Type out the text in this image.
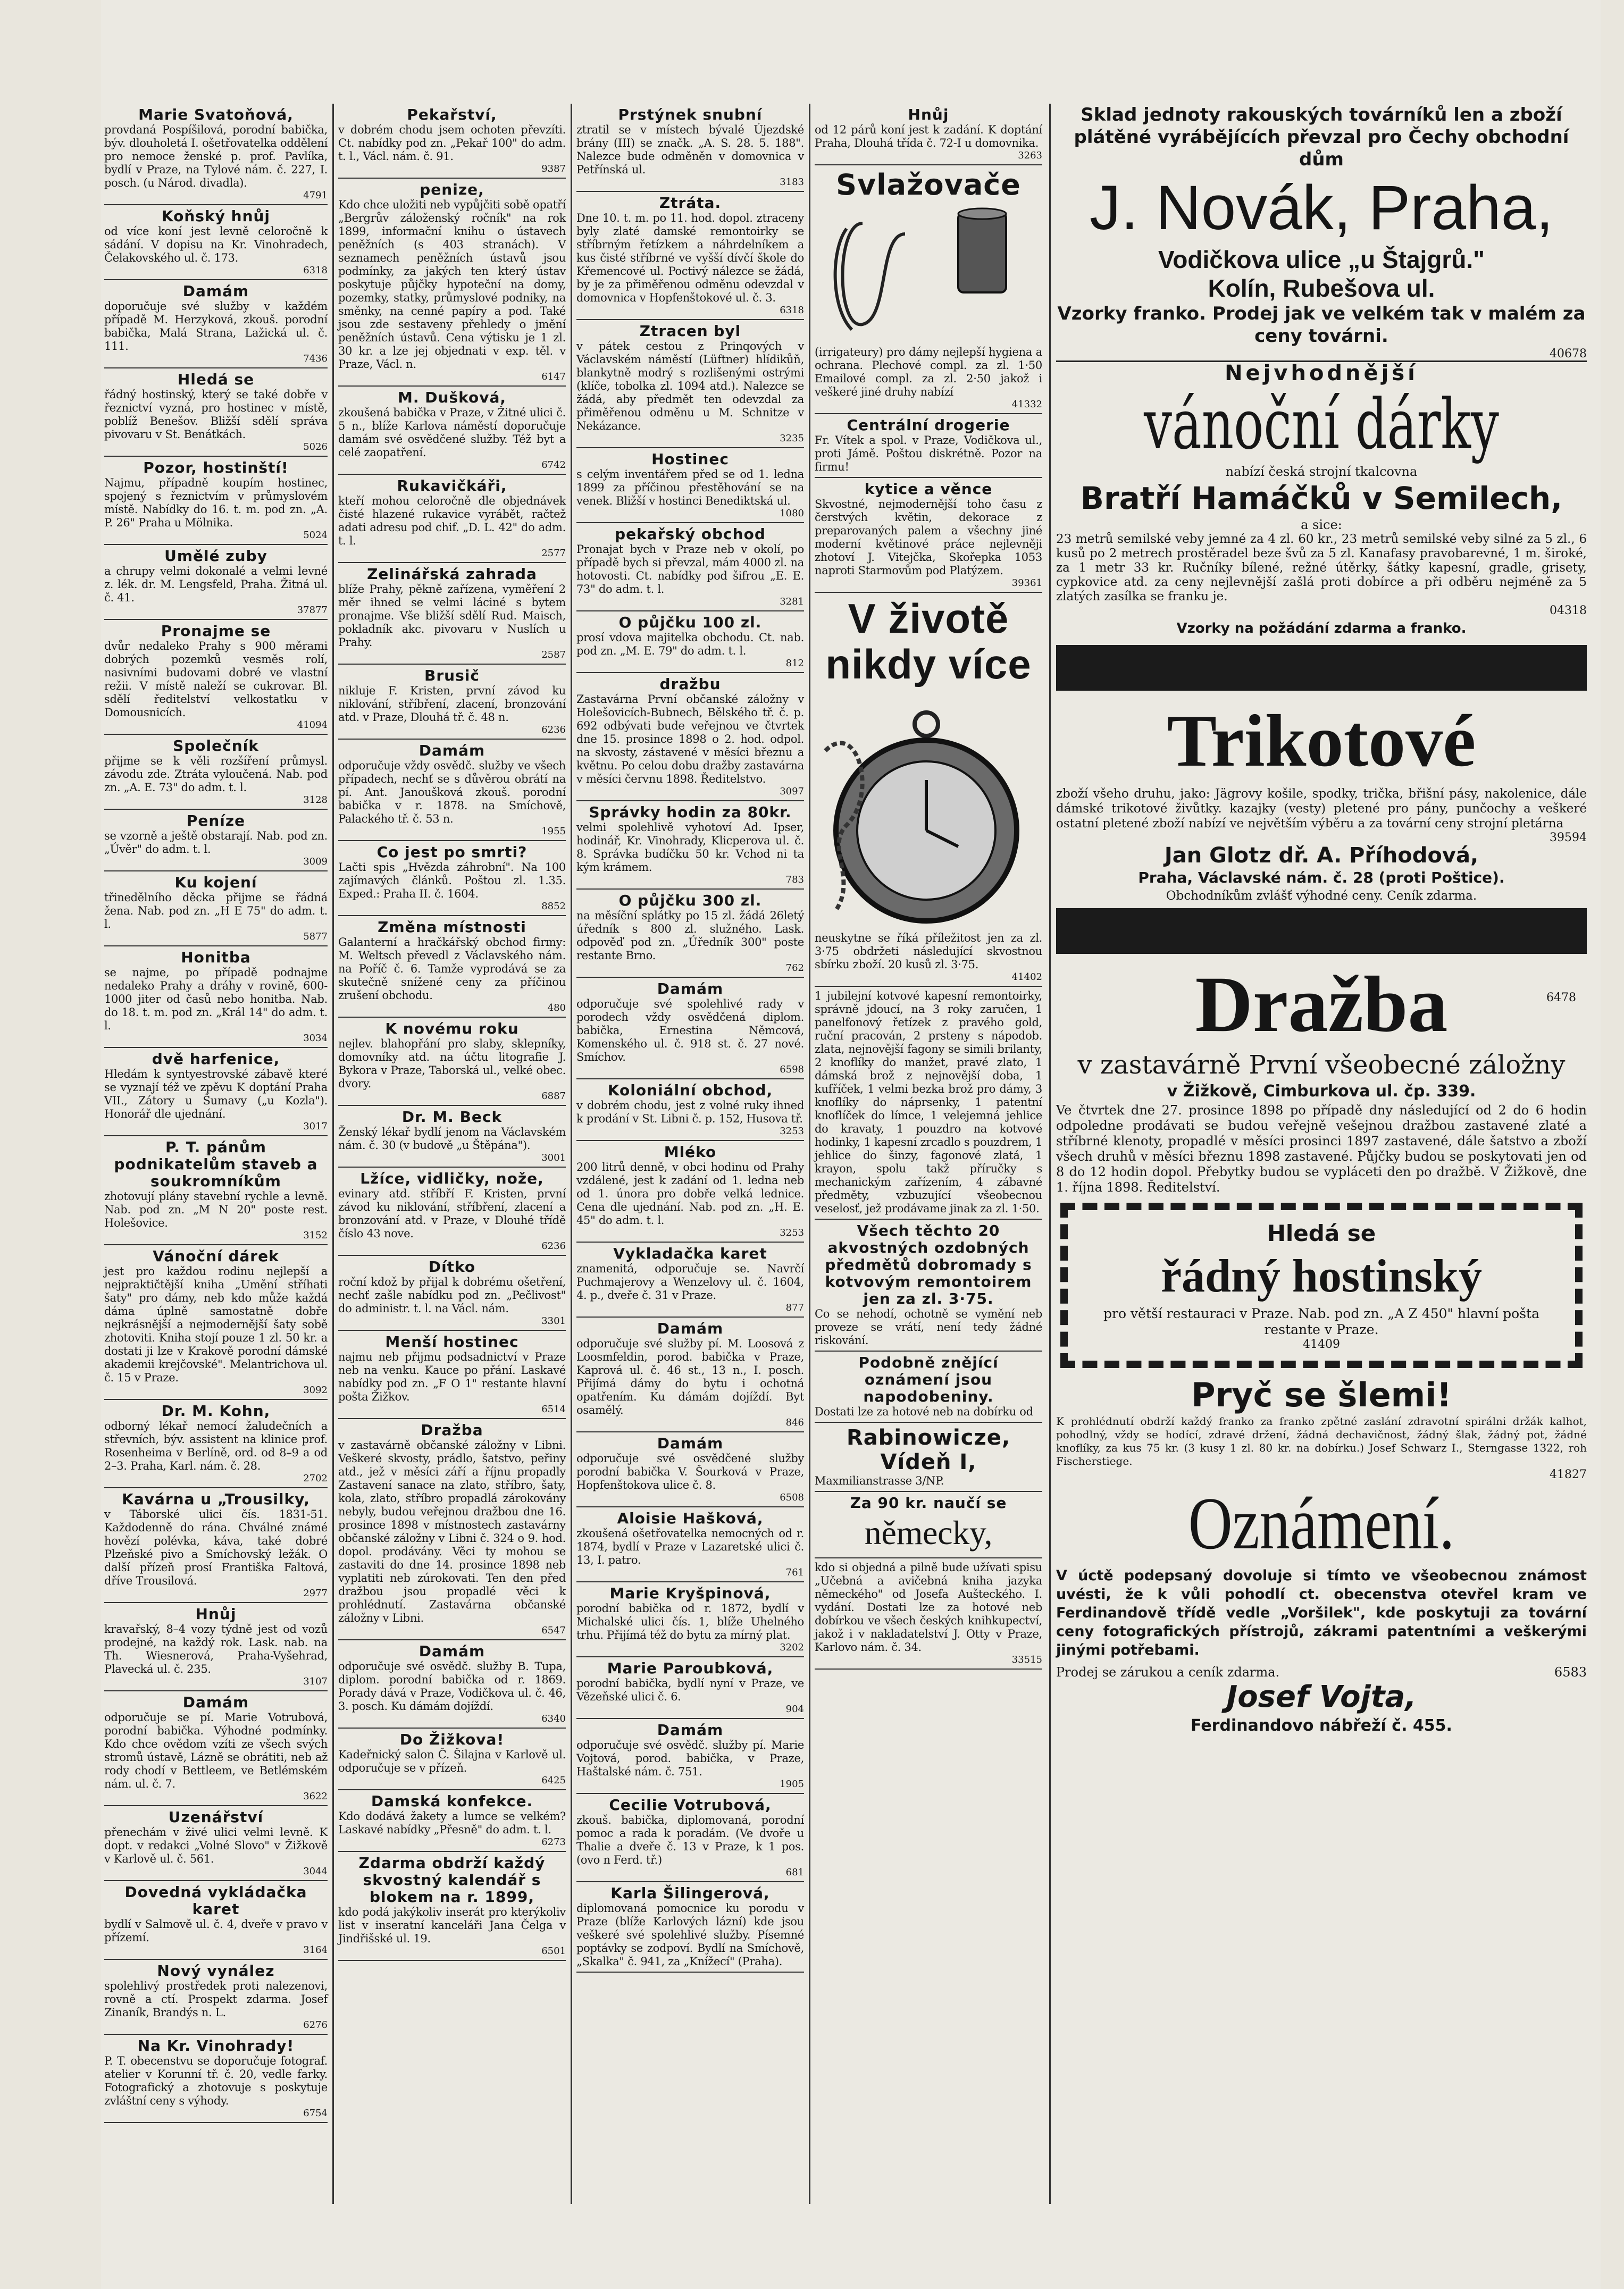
Marie Svatoňová,

provdaná Pospíšilová, porodní babička, býv. dlouholetá I. ošetřovatelka oddělení pro nemoce ženské p. prof. Pavlíka, bydlí v Praze, na Tylové nám. č. 227, I. posch. (u Národ. divadla).

4791
Koňský hnůj

od více koní jest levně celoročně k sádání. V dopisu na Kr. Vinohradech, Čelakovského ul. č. 173.

6318
Damám

doporučuje své služby v každém případě M. Herzyková, zkouš. porodní babička, Malá Strana, Lažická ul. č. 111.

7436
Hledá se

řádný hostinský, který se také dobře v řeznictví vyzná, pro hostinec v místě, poblíž Benešov. Bližší sdělí správa pivovaru v St. Benátkách.

5026
Pozor, hostinští!

Najmu, případně koupím hostinec, spojený s řeznictvím v průmyslovém místě. Nabídky do 16. t. m. pod zn. „A. P. 26" Praha u Mölnika.

5024
Umělé zuby

a chrupy velmi dokonalé a velmi levné z. lék. dr. M. Lengsfeld, Praha. Žitná ul. č. 41.

37877
Pronajme se

dvůr nedaleko Prahy s 900 měrami dobrých pozemků vesměs rolí, nasivními budovami dobré ve vlastní režii. V místě naleží se cukrovar. Bl. sdělí ředitelství velkostatku v Domousnicích.

41094
Společník

přijme se k věli rozšíření průmysl. závodu zde. Ztráta vyloučená. Nab. pod zn. „A. E. 73" do adm. t. l.

3128
Peníze

se vzorně a ještě obstarají. Nab. pod zn. „Úvěr" do adm. t. l.

3009
Ku kojení

třinedělního děcka přijme se řádná žena. Nab. pod zn. „H E 75" do adm. t. l.

5877
Honitba

se najme, po případě podnajme nedaleko Prahy a dráhy v rovině, 600-1000 jiter od časů nebo honitba. Nab. do 18. t. m. pod zn. „Král 14" do adm. t. l.

3034
dvě harfenice,

Hledám k syntyestrovské zábavě které se vyznají též ve zpěvu K doptání Praha VII., Zátory u Šumavy („u Kozla"). Honorář dle ujednání.

3017
P. T. pánům podnikatelům staveb a soukromníkům

zhotovují plány stavební rychle a levně. Nab. pod zn. „M N 20" poste rest. Holešovice.

3152
Vánoční dárek

jest pro každou rodinu nejlepší a nejpraktičtější kniha „Umění stříhati šaty" pro dámy, neb kdo může každá dáma úplně samostatně dobře nejkrásnější a nejmodernější šaty sobě zhotoviti. Kniha stojí pouze 1 zl. 50 kr. a dostati ji lze v Krakově porodní dámské akademii krejčovské". Melantrichova ul. č. 15 v Praze.

3092
Dr. M. Kohn,

odborný lékař nemocí žaludečních a střevních, býv. assistent na klinice prof. Rosenheima v Berlíně, ord. od 8–9 a od 2–3. Praha, Karl. nám. č. 28.

2702
Kavárna u „Trousilky,

v Táborské ulici čís. 1831-51. Každodenně do rána. Chválné známé hovězí polévka, káva, také dobré Plzeňské pivo a Smíchovský ležák. O další přízeň prosí Františka Faltová, dříve Trousilová.

2977
Hnůj

kravařský, 8–4 vozy týdně jest od vozů prodejné, na každý rok. Lask. nab. na Th. Wiesnerová, Praha-Vyšehrad, Plavecká ul. č. 235.

3107
Damám

odporučuje se pí. Marie Votrubová, porodní babička. Výhodné podmínky. Kdo chce ovědom vzíti ze všech svých stromů ústavě, Lázně se obrátiti, neb až rody chodí v Bettleem, ve Betlémském nám. ul. č. 7.

3622
Uzenářství

přenechám v živé ulici velmi levně. K dopt. v redakci „Volné Slovo" v Žižkově v Karlově ul. č. 561.

3044
Dovedná vykládačka karet

bydlí v Salmově ul. č. 4, dveře v pravo v přízemí.

3164
Nový vynález

spolehlivý prostředek proti nalezenovi, rovně a ctí. Prospekt zdarma. Josef Zinaník, Brandýs n. L.

6276
Na Kr. Vinohrady!

P. T. obecenstvu se doporučuje fotograf. atelier v Korunní tř. č. 20, vedle farky. Fotografický a zhotovuje s poskytuje zvláštní ceny s výhody.

6754
Pekařství,

v dobrém chodu jsem ochoten převzíti. Ct. nabídky pod zn. „Pekař 100" do adm. t. l., Václ. nám. č. 91.

9387
penize,

Kdo chce uložiti neb vypůjčiti sobě opatří „Bergrův záloženský ročník" na rok 1899, informační knihu o ústavech peněžních (s 403 stranách). V seznamech peněžních ústavů jsou podmínky, za jakých ten který ústav poskytuje půjčky hypoteční na domy, pozemky, statky, průmyslové podniky, na směnky, na cenné papíry a pod. Také jsou zde sestaveny přehledy o jmění peněžních ústavů. Cena výtisku je 1 zl. 30 kr. a lze jej objednati v exp. těl. v Praze, Václ. n.

6147
M. Dušková,

zkoušená babička v Praze, v Žitné ulici č. 5 n., blíže Karlova náměstí doporučuje damám své osvědčené služby. Též byt a celé zaopatření.

6742
Rukavičkáři,

kteří mohou celoročně dle objednávek čisté hlazené rukavice vyrábět, račtež adati adresu pod chif. „D. L. 42" do adm. t. l.

2577
Zelinářská zahrada

blíže Prahy, pěkně zařízena, vyměření 2 měr ihned se velmi láciné s bytem pronajme. Vše bližší sdělí Rud. Maisch, pokladník akc. pivovaru v Nuslích u Prahy.

2587
Brusič

nikluje F. Kristen, první závod ku niklování, stříbření, zlacení, bronzování atd. v Praze, Dlouhá tř. č. 48 n.

6236
Damám

odporučuje vždy osvědč. služby ve všech případech, nechť se s důvěrou obrátí na pí. Ant. Janoušková zkouš. porodní babička v r. 1878. na Smíchově, Palackého tř. č. 53 n.

1955
Co jest po smrti?

Lačti spis „Hvězda záhrobní". Na 100 zajímavých článků. Poštou zl. 1.35. Exped.: Praha II. č. 1604.

8852
Změna místnosti

Galanterní a hračkářský obchod firmy: M. Weltsch převedl z Václavského nám. na Poříč č. 6. Tamže vyprodává se za skutečně snížené ceny za příčinou zrušení obchodu.

480
K novému roku

nejlev. blahopřání pro slaby, sklepníky, domovníky atd. na účtu litografie J. Bykora v Praze, Taborská ul., velké obec. dvory.

6887
Dr. M. Beck

Ženský lékař bydlí jenom na Václavském nám. č. 30 (v budově „u Štěpána").

3001
Lžíce, vidličky, nože,

evinary atd. stříbří F. Kristen, první závod ku niklování, stříbření, zlacení a bronzování atd. v Praze, v Dlouhé třídě číslo 43 nove.

6236
Dítko

roční kdož by přijal k dobrému ošetření, nechť zašle nabídku pod zn. „Pečlivost" do administr. t. l. na Václ. nám.

3301
Menší hostinec

najmu neb přijmu podsadnictví v Praze neb na venku. Kauce po přání. Laskavé nabídky pod zn. „F O 1" restante hlavní pošta Žižkov.

6514
Dražba

v zastavárně občanské záložny v Libni. Veškeré skvosty, prádlo, šatstvo, peřiny atd., jež v měsíci září a říjnu propadly Zastavení sanace na zlato, stříbro, šaty, kola, zlato, stříbro propadlá zárokovány nebyly, budou veřejnou dražbou dne 16. prosince 1898 v místnostech zastavárny občanské záložny v Libni č. 324 o 9. hod. dopol. prodávány. Věci ty mohou se zastaviti do dne 14. prosince 1898 neb vyplatiti neb zúrokovati. Ten den před dražbou jsou propadlé věci k prohlédnutí. Zastavárna občanské záložny v Libni.

6547
Damám

odporučuje své osvědč. služby B. Tupa, diplom. porodní babička od r. 1869. Porady dává v Praze, Vodičkova ul. č. 46, 3. posch. Ku dámám dojíždí.

6340
Do Žižkova!

Kadeřnický salon Č. Šilajna v Karlově ul. odporučuje se v přízeň.

6425
Damská konfekce.

Kdo dodává žakety a lumce se velkém? Laskavé nabídky „Přesně" do adm. t. l.

6273
Zdarma obdrží každý skvostný kalendář s blokem na r. 1899,

kdo podá jakýkoliv inserát pro kterýkoliv list v inseratní kanceláři Jana Čelga v Jindřišské ul. 19.

6501
Prstýnek snubní

ztratil se v místech bývalé Újezdské brány (III) se značk. „A. S. 28. 5. 188". Nalezce bude odměněn v domovnica v Petřínská ul.

3183
Ztráta.

Dne 10. t. m. po 11. hod. dopol. ztraceny byly zlaté damské remontoirky se stříbrným řetízkem a náhrdelníkem a kus čisté stříbrné ve vyšší dívčí škole do Křemencové ul. Poctivý nálezce se žádá, by je za přiměřenou odměnu odevzdal v domovnica v Hopfenštokové ul. č. 3.

6318
Ztracen byl

v pátek cestou z Prinqových v Václavském náměstí (Lüftner) hlídikůň, blankytně modrý s rozlišenými ostrými (klíče, tobolka zl. 1094 atd.). Nalezce se žádá, aby předmět ten odevzdal za přiměřenou odměnu u M. Schnitze v Nekázance.

3235
Hostinec

s celým inventářem před se od 1. ledna 1899 za příčinou přestěhování se na venek. Bližší v hostinci Benediktská ul.

1080
pekařský obchod

Pronajat bych v Praze neb v okolí, po případě bych si převzal, mám 4000 zl. na hotovosti. Ct. nabídky pod šifrou „E. E. 73" do adm. t. l.

3281
O půjčku 100 zl.

prosí vdova majitelka obchodu. Ct. nab. pod zn. „M. E. 79" do adm. t. l.

812
dražbu

Zastavárna První občanské záložny v Holešovicích-Bubnech, Bělského tř. č. p. 692 odbývati bude veřejnou ve čtvrtek dne 15. prosince 1898 o 2. hod. odpol. na skvosty, zástavené v měsíci březnu a květnu. Po celou dobu dražby zastavárna v měsíci červnu 1898. Ředitelstvo.

3097
Správky hodin za 80kr.

velmi spolehlivě vyhotoví Ad. Ipser, hodinář, Kr. Vinohrady, Klicperova ul. č. 8. Správka budíčku 50 kr. Vchod ni ta kým krámem.

783
O půjčku 300 zl.

na měsíční splátky po 15 zl. žádá 26letý úředník s 800 zl. služného. Lask. odpověď pod zn. „Úředník 300" poste restante Brno.

762
Damám

odporučuje své spolehlivé rady v porodech vždy osvědčená diplom. babička, Ernestina Němcová, Komenského ul. č. 918 st. č. 27 nové. Smíchov.

6598
Koloniální obchod,

v dobrém chodu, jest z volné ruky ihned k prodání v St. Libni č. p. 152, Husova tř.

3253
Mléko

200 litrů denně, v obci hodinu od Prahy vzdálené, jest k zadání od 1. ledna neb od 1. února pro dobře velká lednice. Cena dle ujednání. Nab. pod zn. „H. E. 45" do adm. t. l.

3253
Vykladačka karet

znamenitá, odporučuje se. Navrčí Puchmajerovy a Wenzelovy ul. č. 1604, 4. p., dveře č. 31 v Praze.

877
Damám

odporučuje své služby pí. M. Loosová z Loosmfeldin, porod. babička v Praze, Kaprová ul. č. 46 st., 13 n., I. posch. Přijímá dámy do bytu i ochotná opatřením. Ku dámám dojíždí. Byt osamělý.

846
Damám

odporučuje své osvědčené služby porodní babička V. Šourková v Praze, Hopfenštokova ulice č. 8.

6508
Aloisie Hašková,

zkoušená ošetřovatelka nemocných od r. 1874, bydlí v Praze v Lazaretské ulici č. 13, I. patro.

761
Marie Kryšpinová,

porodní babička od r. 1872, bydlí v Michalské ulici čís. 1, blíže Uhelného trhu. Přijímá též do bytu za mírný plat.

3202
Marie Paroubková,

porodní babička, bydlí nyní v Praze, ve Vězeňské ulici č. 6.

904
Damám

odporučuje své osvědč. služby pí. Marie Vojtová, porod. babička, v Praze, Haštalské nám. č. 751.

1905
Cecilie Votrubová,

zkouš. babička, diplomovaná, porodní pomoc a rada k poradám. (Ve dvoře u Thalie a dveře č. 13 v Praze, k 1 pos. (ovo n Ferd. tř.)

681
Karla Šilingerová,

diplomovaná pomocnice ku porodu v Praze (blíže Karlových lázní) kde jsou veškeré své spolehlivé služby. Písemné poptávky se zodpoví. Bydlí na Smíchově, „Skalka" č. 941, za „Knížecí" (Praha).

Hnůj

od 12 párů koní jest k zadání. K doptání Praha, Dlouhá třída č. 72-I u domovnika.

3263
Svlažovače

(irrigateury) pro dámy nejlepší hygiena a ochrana. Plechové compl. za zl. 1·50 Emailové compl. za zl. 2·50 jakož i veškeré jiné druhy nabízí

41332
Centrální drogerie

Fr. Vítek a spol. v Praze, Vodičkova ul., proti Jámě. Poštou diskrétně. Pozor na firmu!

kytice a věnce

Skvostné, nejmodernější toho času z čerstvých květin, dekorace z preparovaných palem a všechny jiné moderní květinové práce nejlevněji zhotoví J. Vitejčka, Skořepka 1053 naproti Starmovům pod Platýzem.

39361
V životě nikdy více

neuskytne se říká příležitost jen za zl. 3·75 obdržeti následující skvostnou sbírku zboží. 20 kusů zl. 3·75.

41402

1 jubilejní kotvové kapesní remontoirky, správně jdoucí, na 3 roky zaručen, 1 panelfonový řetízek z pravého gold, ruční pracován, 2 prsteny s nápodob. zlata, nejnovější fagony se simili brilanty, 2 knoflíky do manžet, pravé zlato, 1 dámská brož z nejnovější doba, 1 kufříček, 1 velmi bezka brož pro dámy, 3 knoflíky do náprsenky, 1 patentní knoflíček do límce, 1 velejemná jehlice do kravaty, 1 pouzdro na kotvové hodinky, 1 kapesní zrcadlo s pouzdrem, 1 jehlice do šinzy, fagonové zlatá, 1 krayon, spolu takž příručky s mechanickým zařízením, 4 zábavné předměty, vzbuzující všeobecnou veselosť, jež prodávame jinak za zl. 1·50.

Všech těchto 20 akvostných ozdobných předmětů dobromady s kotvovým remontoirem jen za zl. 3·75.

Co se nehodí, ochotně se vymění neb proveze se vrátí, není tedy žádné riskování.

Podobně znějící oznámení jsou napodobeniny.

Dostati lze za hotové neb na dobírku od

Rabinowicze, Vídeň I,

Maxmilianstrasse 3/NP.

Za 90 kr. naučí se

německy,

kdo si objedná a pilně bude užívati spisu „Učebná a avičebná kniha jazyka německého" od Josefa Aušteckého. I. vydání. Dostati lze za hotové neb dobírkou ve všech českých knihkupectví, jakož i v nakladatelství J. Otty v Praze, Karlovo nám. č. 34.

33515
Sklad jednoty rakouských továrníků len a zboží plátěné vyrábějících převzal pro Čechy obchodní dům
J. Novák, Praha,
Vodičkova ulice „u Štajgrů."
Kolín, Rubešova ul.
Vzorky franko. Prodej jak ve velkém tak v malém za ceny továrni.
40678
Nejvhodnější
vánoční dárky
nabízí česká strojní tkalcovna
Bratří Hamáčků v Semilech,
a sice:

23 metrů semilské veby jemné za 4 zl. 60 kr., 23 metrů semilské veby silné za 5 zl., 6 kusů po 2 metrech prostěradel beze švů za 5 zl. Kanafasy pravobarevné, 1 m. široké, za 1 metr 33 kr. Ručníky bílené, režné útěrky, šátky kapesní, gradle, grisety, cypkovice atd. za ceny nejlevnější zašlá proti dobírce a při odběru nejméně za 5 zlatých zasílka se franku je.

04318
Vzorky na požádání zdarma a franko.
Trikotové

zboží všeho druhu, jako: Jägrovy košile, spodky, trička, břišní pásy, nakolenice, dále dámské trikotové živůtky. kazajky (vesty) pletené pro pány, punčochy a veškeré ostatní pletené zboží nabízí ve největším výběru a za tovární ceny strojní pletárna

39594
Jan Glotz dř. A. Příhodová,
Praha, Václavské nám. č. 28 (proti Poštice).
Obchodníkům zvlášť výhodné ceny. Ceník zdarma.
Dražba	6478
v zastavárně První všeobecné záložny
v Žižkově, Cimburkova ul. čp. 339.

Ve čtvrtek dne 27. prosince 1898 po případě dny následující od 2 do 6 hodin odpoledne prodávati se budou veřejně vešejnou dražbou zastavené zlaté a stříbrné klenoty, propadlé v měsíci prosinci 1897 zastavené, dále šatstvo a zboží všech druhů v měsíci březnu 1898 zastavené. Půjčky budou se poskytovati jen od 8 do 12 hodin dopol. Přebytky budou se vypláceti den po dražbě. V Žižkově, dne 1. října 1898. Ředitelství.

Hledá se
řádný hostinský

pro větší restauraci v Praze. Nab. pod zn. „A Z 450" hlavní pošta restante v Praze.

41409
Pryč se šlemi!

K prohlédnutí obdrží každý franko za franko zpětné zaslání zdravotní spirálni držák kalhot, pohodlný, vždy se hodící, zdravé držení, žádná dechavičnost, žádný šlak, žádný pot, žádné knoflíky, za kus 75 kr. (3 kusy 1 zl. 80 kr. na dobírku.) Josef Schwarz I., Sterngasse 1322, roh Fischerstiege.

41827
Oznámení.

V úctě podepsaný dovoluje si tímto ve všeobecnou známost uvésti, že k vůli pohodlí ct. obecenstva otevřel kram ve Ferdinandově třídě vedle „Voršilek", kde poskytuji za tovární ceny fotografických přístrojů, zákrami patentními a veškerými jinými potřebami.

Prodej se zárukou a ceník zdarma.	6583
Josef Vojta,
Ferdinandovo nábřeží č. 455.
